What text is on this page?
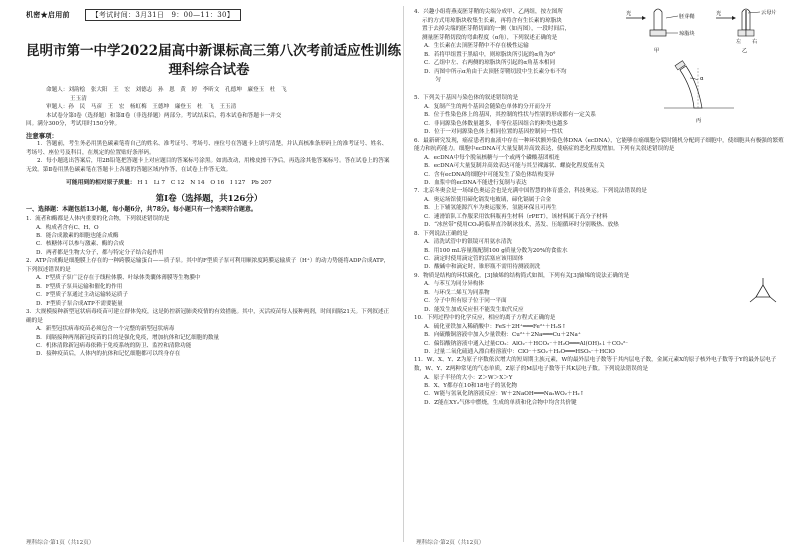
机密★启用前	【考试时间：3月31日　9：00—11：30】
昆明市第一中学2022届高中新课标高三第八次考前适应性训练
理科综合试卷
命题人：刘韵桧　张大阳　王　宏　刘德志　孙　恩　黄　婷　李昕文　孔德坤　廉登玉　杜　飞
王玉清
审题人：孙　民　马彦　王　宏　杨虹梅　王德坤　廉登玉　杜　飞　王玉清
本试卷分第Ⅰ卷（选择题）和第Ⅱ卷（非选择题）两部分。考试结束后，将本试卷和答题卡一并交
回。满分300分，考试用时150分钟。
注意事项：
1．答题前，考生务必用黑色碳素笔将自己的姓名、准考证号、考场号、座位号在答题卡上填写清楚，并认真核准条形码上的准考证号、姓名、考场号、座位号及科目，在规定的位置贴好条形码。
2．每小题选出答案后，用2B铅笔把答题卡上对应题目的答案标号涂黑。如需改动，用橡皮擦干净后，再选涂其他答案标号。答在试卷上的答案无效。第Ⅱ卷用黑色碳素笔在答题卡上各题的答题区域内作答，在试卷上作答无效。
可能用到的相对原子质量： H 1　Li 7　C 12　N 14　O 16　I 127　Pb 207
第Ⅰ卷（选择题，共126分）
一、选择题：本题包括13小题，每小题6分，共78分。每小题只有一个选项符合题意。
1．流者和酶都是人体内重要的化合物，下列叙述错误的是
A．构成者含有C、H、O
B．能合成激素的细胞也能合成酶
C．核糖体可以参与激素、酶的合成
D．两者都是生物大分子，都与特定分子结合起作用
2．ATP合成酶是细胞膜上存在的一种跨膜运输蛋白——质子泵。其中的F型质子泵可利用顺浓度跨膜运输质子（H⁺）的动力势能将ADP合成ATP，下列叙述错误的是
A．F型质子泵广泛存在于线粒体膜、叶绿体类囊体薄膜等生物膜中
B．F型质子泵具运输和催化的作用
C．F型质子泵通过主动运输转运质子
D．F型质子泵合成ATP不需要能量
3．大规模接种新型冠状病毒疫苗可建立群体免疫，这是防控新冠肺炎疫情的有效措施。其中，灭活疫苗每人接种两剂，时间间隔21天。下列叙述正确的是
A．新型冠状病毒疫苗必须包含一个完整的新型冠状病毒
B．间隔接种两剂新冠疫苗的目的是强化免疫，增加抗体和记忆细胞的数量
C．机体清除新冠病毒依赖于免疫系统的防卫、监控和清除功能
D．接种疫苗后，人体内的抗体和记忆细胞都可以终身存在
理科综合·第1页（共12页）
4．兴趣小组将燕麦胚芽鞘的尖端分成甲、乙两组，按左图所
示的方式用琼脂块收集生长素，再将含有生长素的琼脂块
置于去掉尖端的胚芽鞘切面的一侧（如丙图），一段时间后，
测量胚芽鞘切段的弯曲程度（α角），下列叙述正确的是
A．生长素在去顶胚芽鞘中不存在极性运输
B．若将甲组置于黑暗中，则琼脂块所引起的α角为0°
C．乙组中左、右两侧的琼脂块所引起的α角基本相同
D．丙图中所示α角由于去顶胚芽鞘切段中生长素分布不均
　　匀
光	胚芽鞘
琼脂块
甲
光	云母片
左 右
乙
α
丙
5．下列关于基因与染色体的叙述错误的是
A．复制产生的两个基因会随染色单体的分开而分开
B．位于性染色体上的基因，其控制的性状与性别的形成都有一定关系
C．非同源染色体数量越多，非等位基因组合的种类也越多
D．位于一对同源染色体上相同位置的基因控制同一性状
6．最新研究发现，癌症患者的血液中存在一种环状额外染色体DNA（ecDNA），它能够在癌细胞分裂时随机分配到子细胞中，使细胞具有极强的繁殖能力和抗药能力。细胞中ecDNA可大量复制并高效表达，使癌症的恶化程度增加。下列有关叙述错误的是
A．ecDNA中每个脱氧核糖与一个或两个磷酸基团相连
B．ecDNA可大量复制并高效表达可能与其呈裸露状、螺旋化程度低有关
C．含有ecDNA的细胞中可能发生了染色体结构变异
D．血浆中的ecDNA不能进行复制与表达
7．北京冬奥会是一场绿色奥运会也是充满中国智慧的体育盛会，科技奥运。下列说法错误的是
A．奥运场馆使用碲化镉发电玻璃，碲化镉属于合金
B．上下辅氢能源汽车为奥运服务，氢能环保且可再生
C．速滑馆队工作服采用饮料瓶再生材料（rPET），该材料属于高分子材料
D．“冰丝带”使用CO₂跨临界直冷制冰技术，蒸发、压缩循环时分别吸热、放热
8．下列说法正确的是
A．清洗试管中的银镜可用氨水清洗
B．用100 mL容量瓶配制100 g质量分数为20%的食盐水
C．滴定时使用滴定管的活塞应该用固体
D．酸碱中和滴定时，锥形瓶不需用待测液润洗
9．物质是结构的环状碳化，[3]轴烯的结构简式如图，下列有关[3]轴烯的说法正确的是
A．与苯互为同分异构体
B．与环戊二烯互为同系物
C．分子中所有原子位于同一平面
D．能发生加成反应但不能发生取代反应
10．下列过程中的化学反应，相应的离子方程式正确的是
A．硫化亚铁加入稀硝酸中：FeS＋2H⁺═══Fe²⁺＋H₂S↑
B．向硫酸铜溶液中加入少量铁粉：Cu²⁺＋2Na═══Cu＋2Na⁺
C．偏铝酸钠溶液中通入过量CO₂：AlO₂⁻＋HCO₃⁻＋H₂O═══Al(OH)₃↓＋CO₃²⁻
D．过量二氧化硫通入漂白粉溶液中：ClO⁻＋SO₂＋H₂O═══HSO₃⁻＋HClO
11．W、X、Y、Z为原子序数依次增大的短周期主族元素，W的最外层电子数等于其内层电子数，金属元素X的原子核外电子数等于Y的最外层电子数，W、Y、Z两种常见的气态单质，Z原子的M层电子数等于其K层电子数。下列说法错误的是
A．原子半径的大小：Z＞W＞X＞Y
B．X、Y都存在10和18电子的氢化物
C．W能与氢氧化钠溶液反应：W＋2NaOH═══Na₂WO₂＋H₂↑
D．Z能在XY₂气体中燃烧，生成的单质和化合物中均含共价键
理科综合·第2页（共12页）
